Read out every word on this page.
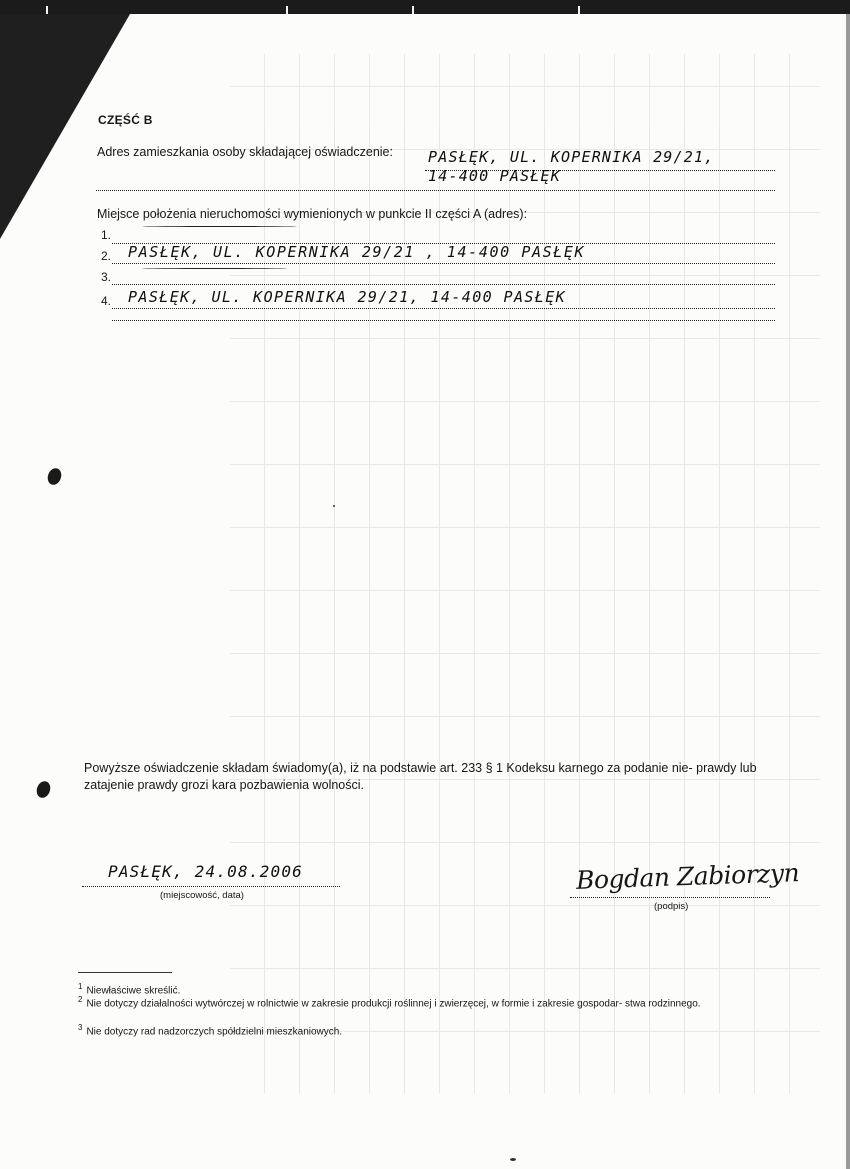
CZĘŚĆ B
Adres zamieszkania osoby składającej oświadczenie: PASŁĘK, UL. KOPERNIKA 29/21,
14-400 PASŁĘK
Miejsce położenia nieruchomości wymienionych w punkcie II części A (adres):
1.
2. PASŁĘK, UL. KOPERNIKA 29/21 , 14-400 PASŁĘK
3.
4. PASŁĘK, UL. KOPERNIKA 29/21, 14-400 PASŁĘK
Powyższe oświadczenie składam świadomy(a), iż na podstawie art. 233 § 1 Kodeksu karnego za podanie nie- prawdy lub zatajenie prawdy grozi kara pozbawienia wolności.
PASŁĘK, 24.08.2006
(miejscowość, data)
Bogdan Zabiorzyn
(podpis)
$^1$ Niewłaściwe skreślić.
$^2$ Nie dotyczy działalności wytwórczej w rolnictwie w zakresie produkcji roślinnej i zwierzęcej, w formie i zakresie gospodar- stwa rodzinnego.
$^3$ Nie dotyczy rad nadzorczych spółdzielni mieszkaniowych.
